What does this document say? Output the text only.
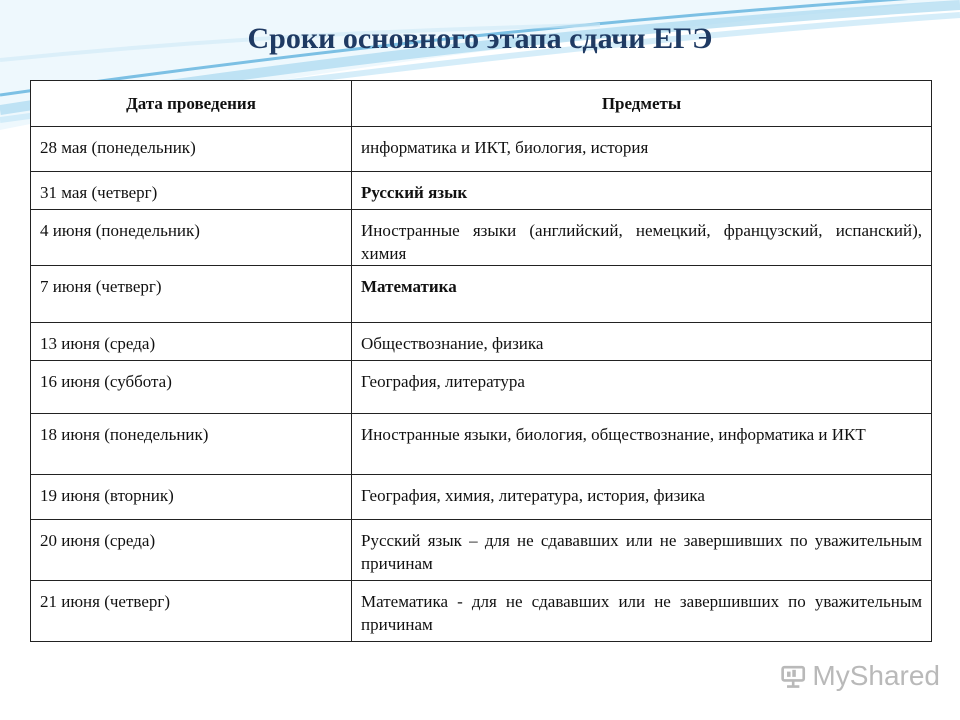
Сроки основного этапа сдачи ЕГЭ
Дата проведения	Предметы

28 мая (понедельник)	информатика и ИКТ, биология, история

31 мая (четверг)	Русский язык

4 июня (понедельник)	Иностранные языки (английский, немецкий, французский, испанский), химия

7 июня (четверг)	Математика

13 июня (среда)	Обществознание, физика

16 июня (суббота)	География, литература

18 июня (понедельник)	Иностранные языки, биология, обществознание, информатика и ИКТ

19 июня (вторник)	География, химия, литература, история, физика

20 июня (среда)	Русский язык – для не сдававших или не завершивших по уважительным причинам

21 июня (четверг)	Математика - для не сдававших или не завершивших по уважительным причинам
MyShared
